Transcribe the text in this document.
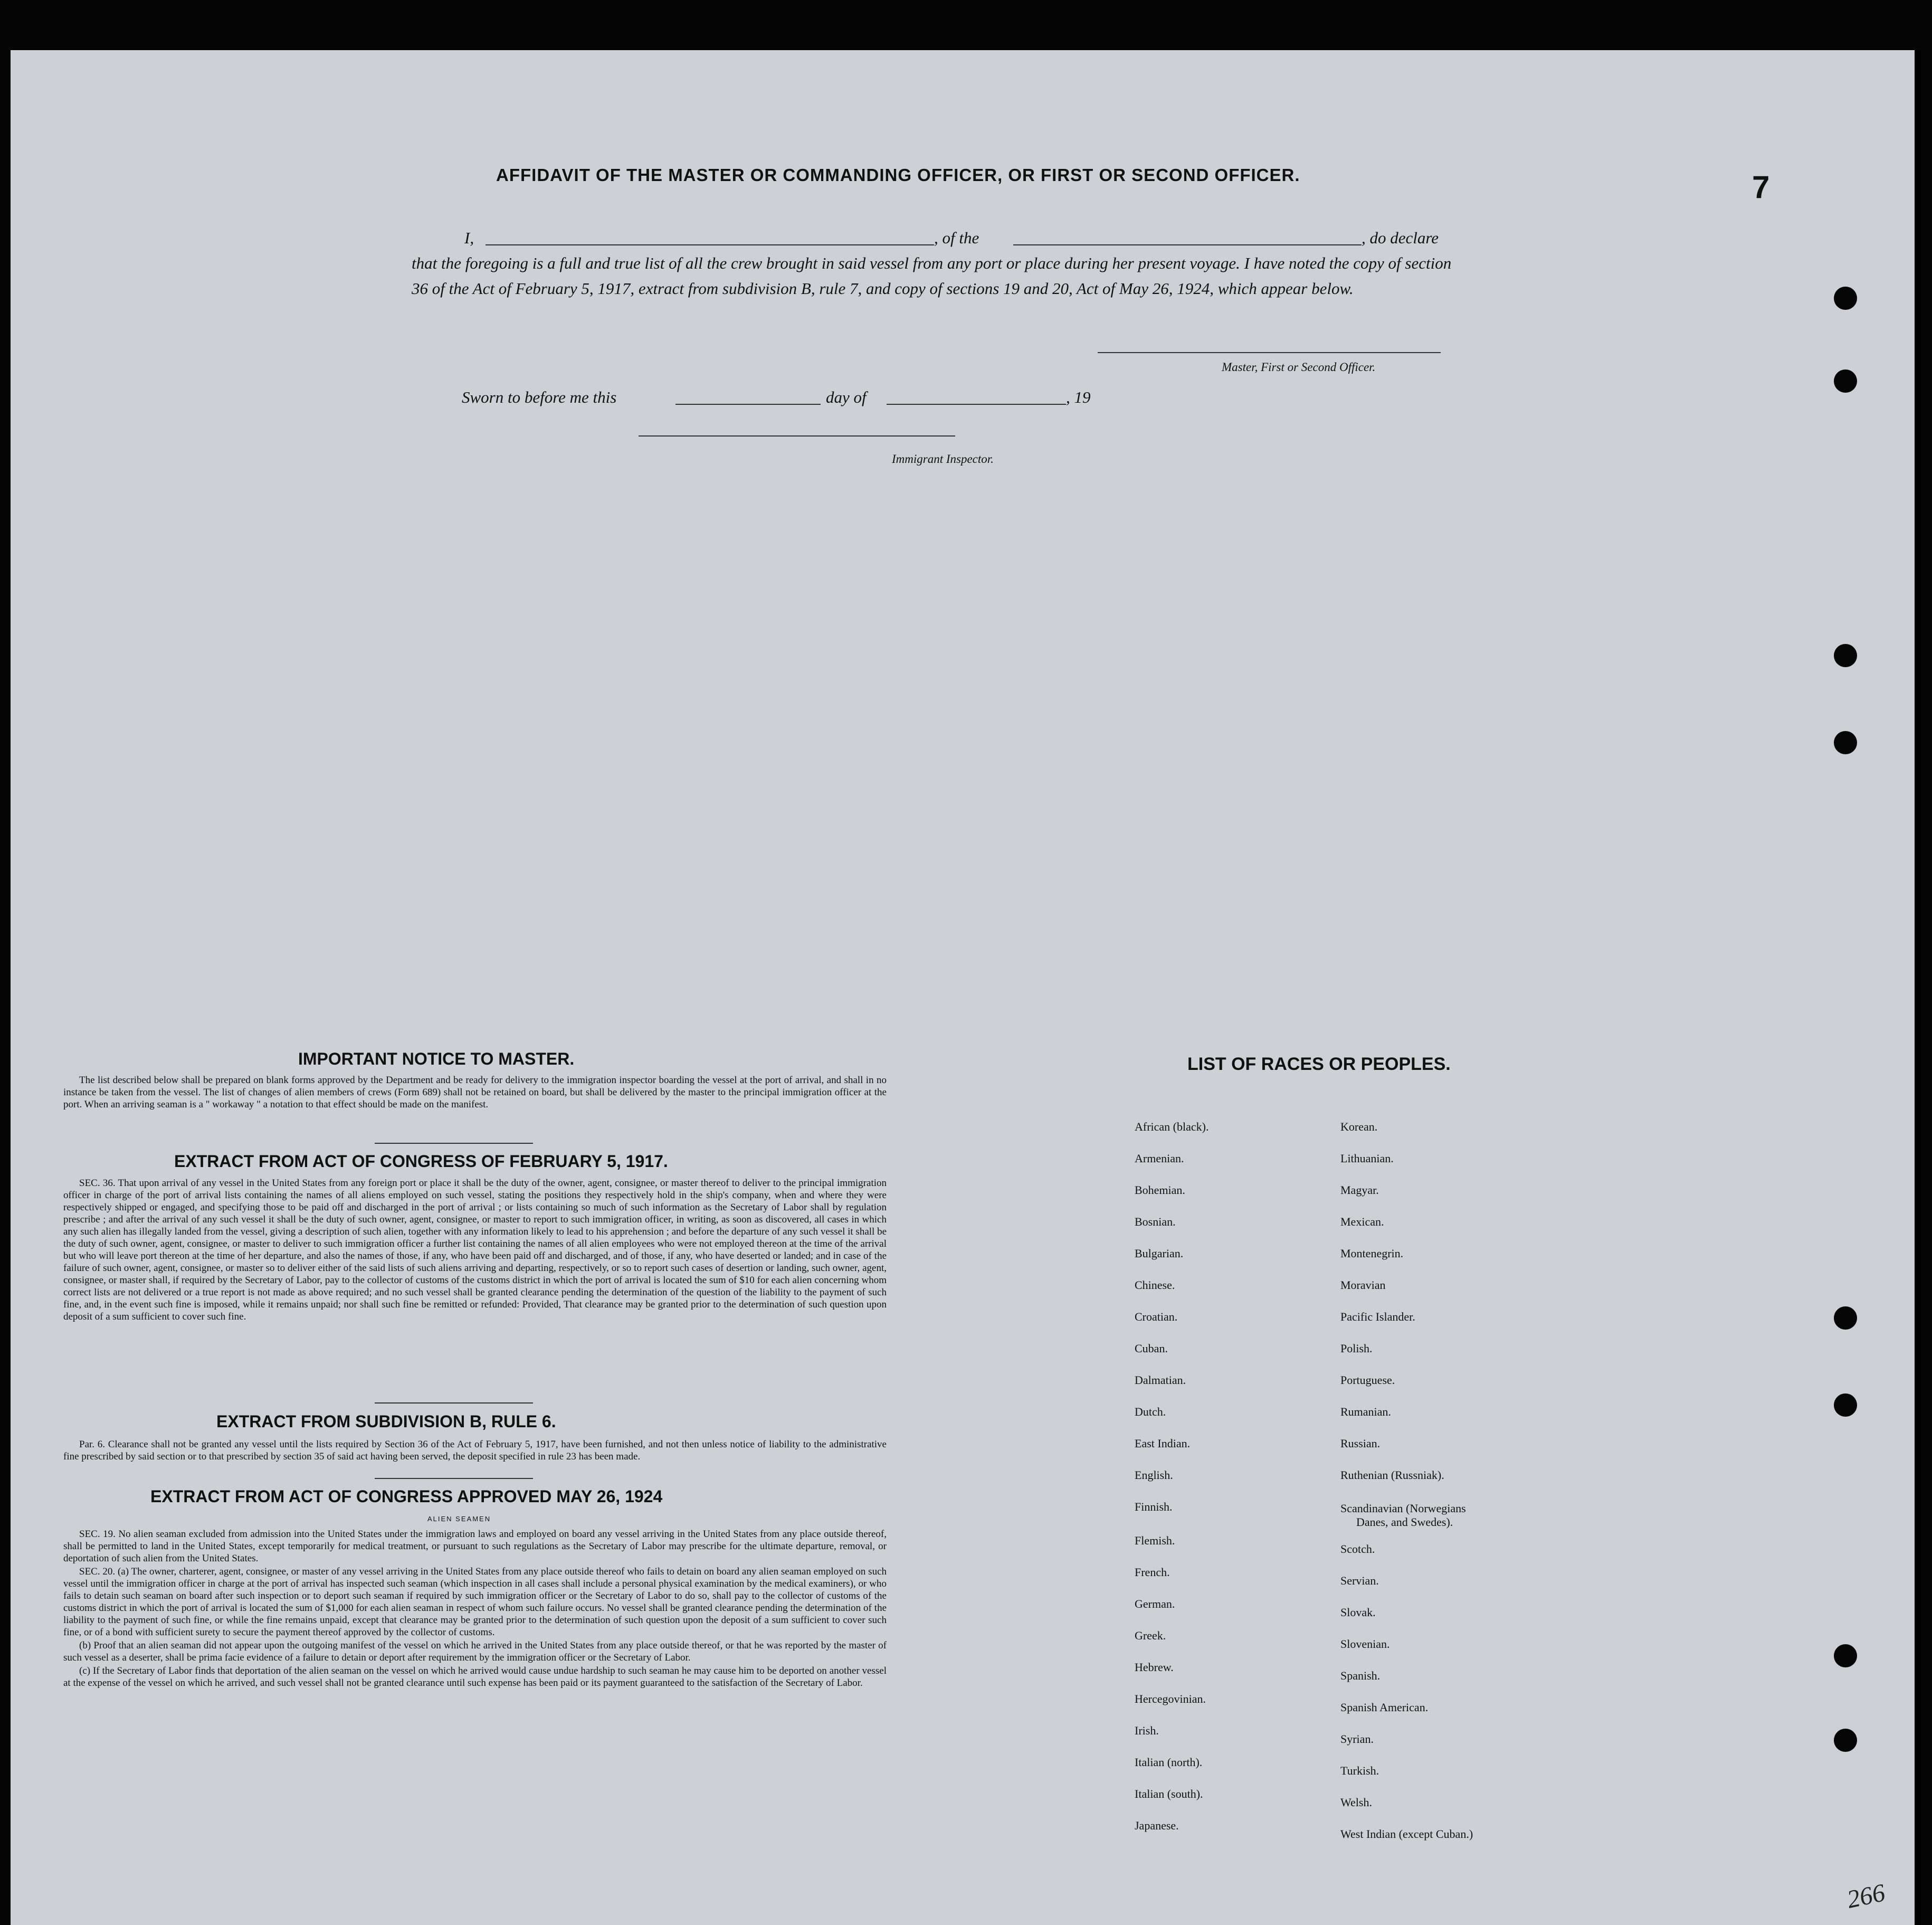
AFFIDAVIT OF THE MASTER OR COMMANDING OFFICER, OR FIRST OR SECOND OFFICER.	7
I,	, of the	, do declare
that the foregoing is a full and true list of all the crew brought in said vessel from any port or place during her present voyage. I have noted the copy of section 36 of the Act of February 5, 1917, extract from subdivision B, rule 7, and copy of sections 19 and 20, Act of May 26, 1924, which appear below.
Master, First or Second Officer.
Sworn to before me this	day of	, 19
Immigrant Inspector.
IMPORTANT NOTICE TO MASTER.

The list described below shall be prepared on blank forms approved by the Department and be ready for delivery to the immigration inspector boarding the vessel at the port of arrival, and shall in no instance be taken from the vessel. The list of changes of alien members of crews (Form 689) shall not be retained on board, but shall be delivered by the master to the principal immigration officer at the port. When an arriving seaman is a " workaway " a notation to that effect should be made on the manifest.

EXTRACT FROM ACT OF CONGRESS OF FEBRUARY 5, 1917.

SEC. 36. That upon arrival of any vessel in the United States from any foreign port or place it shall be the duty of the owner, agent, consignee, or master thereof to deliver to the principal immigration officer in charge of the port of arrival lists containing the names of all aliens employed on such vessel, stating the positions they respectively hold in the ship's company, when and where they were respectively shipped or engaged, and specifying those to be paid off and discharged in the port of arrival ; or lists containing so much of such information as the Secretary of Labor shall by regulation prescribe ; and after the arrival of any such vessel it shall be the duty of such owner, agent, consignee, or master to report to such immigration officer, in writing, as soon as discovered, all cases in which any such alien has illegally landed from the vessel, giving a description of such alien, together with any information likely to lead to his apprehension ; and before the departure of any such vessel it shall be the duty of such owner, agent, consignee, or master to deliver to such immigration officer a further list containing the names of all alien employees who were not employed thereon at the time of the arrival but who will leave port thereon at the time of her departure, and also the names of those, if any, who have been paid off and discharged, and of those, if any, who have deserted or landed; and in case of the failure of such owner, agent, consignee, or master so to deliver either of the said lists of such aliens arriving and departing, respectively, or so to report such cases of desertion or landing, such owner, agent, consignee, or master shall, if required by the Secretary of Labor, pay to the collector of customs of the customs district in which the port of arrival is located the sum of $10 for each alien concerning whom correct lists are not delivered or a true report is not made as above required; and no such vessel shall be granted clearance pending the determination of the question of the liability to the payment of such fine, and, in the event such fine is imposed, while it remains unpaid; nor shall such fine be remitted or refunded: Provided, That clearance may be granted prior to the determination of such question upon deposit of a sum sufficient to cover such fine.

EXTRACT FROM SUBDIVISION B, RULE 6.

Par. 6. Clearance shall not be granted any vessel until the lists required by Section 36 of the Act of February 5, 1917, have been furnished, and not then unless notice of liability to the administrative fine prescribed by said section or to that prescribed by section 35 of said act having been served, the deposit specified in rule 23 has been made.

EXTRACT FROM ACT OF CONGRESS APPROVED MAY 26, 1924
ALIEN SEAMEN

SEC. 19. No alien seaman excluded from admission into the United States under the immigration laws and employed on board any vessel arriving in the United States from any place outside thereof, shall be permitted to land in the United States, except temporarily for medical treatment, or pursuant to such regulations as the Secretary of Labor may prescribe for the ultimate departure, removal, or deportation of such alien from the United States.

SEC. 20. (a) The owner, charterer, agent, consignee, or master of any vessel arriving in the United States from any place outside thereof who fails to detain on board any alien seaman employed on such vessel until the immigration officer in charge at the port of arrival has inspected such seaman (which inspection in all cases shall include a personal physical examination by the medical examiners), or who fails to detain such seaman on board after such inspection or to deport such seaman if required by such immigration officer or the Secretary of Labor to do so, shall pay to the collector of customs of the customs district in which the port of arrival is located the sum of $1,000 for each alien seaman in respect of whom such failure occurs. No vessel shall be granted clearance pending the determination of the liability to the payment of such fine, or while the fine remains unpaid, except that clearance may be granted prior to the determination of such question upon the deposit of a sum sufficient to cover such fine, or of a bond with sufficient surety to secure the payment thereof approved by the collector of customs.

(b) Proof that an alien seaman did not appear upon the outgoing manifest of the vessel on which he arrived in the United States from any place outside thereof, or that he was reported by the master of such vessel as a deserter, shall be prima facie evidence of a failure to detain or deport after requirement by the immigration officer or the Secretary of Labor.

(c) If the Secretary of Labor finds that deportation of the alien seaman on the vessel on which he arrived would cause undue hardship to such seaman he may cause him to be deported on another vessel at the expense of the vessel on which he arrived, and such vessel shall not be granted clearance until such expense has been paid or its payment guaranteed to the satisfaction of the Secretary of Labor.

LIST OF RACES OR PEOPLES.
African (black).
Armenian.
Bohemian.
Bosnian.
Bulgarian.
Chinese.
Croatian.
Cuban.
Dalmatian.
Dutch.
East Indian.
English.
Finnish.
Flemish.
French.
German.
Greek.
Hebrew.
Hercegovinian.
Irish.
Italian (north).
Italian (south).
Japanese.
Korean.
Lithuanian.
Magyar.
Mexican.
Montenegrin.
Moravian
Pacific Islander.
Polish.
Portuguese.
Rumanian.
Russian.
Ruthenian (Russniak).
Scandinavian (Norwegians
Danes, and Swedes).
Scotch.
Servian.
Slovak.
Slovenian.
Spanish.
Spanish American.
Syrian.
Turkish.
Welsh.
West Indian (except Cuban.)
266
